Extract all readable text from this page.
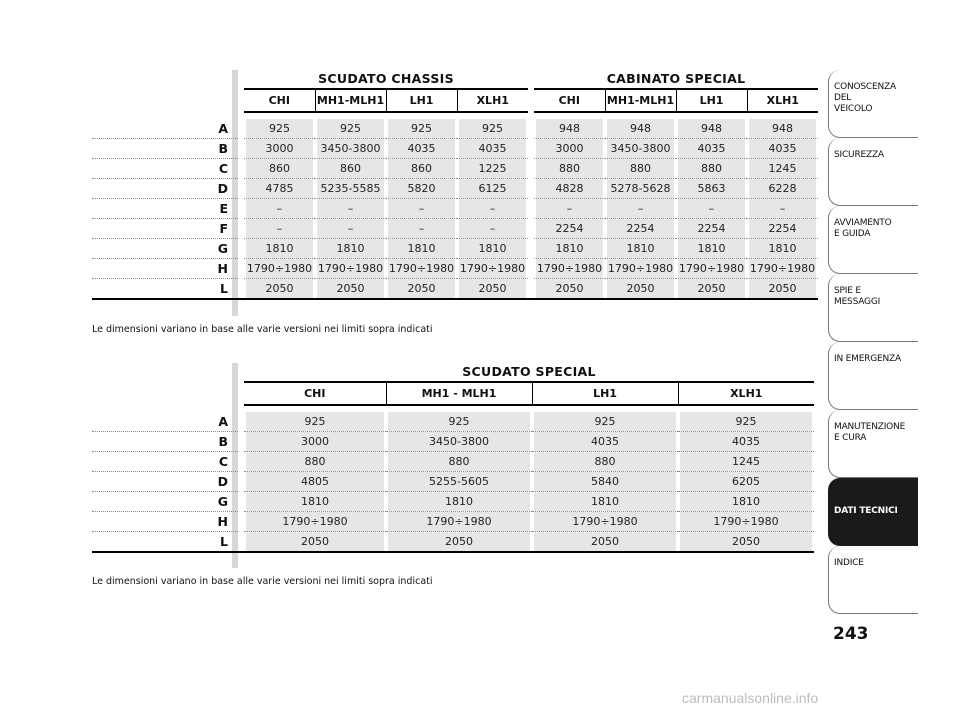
		SCUDATO CHASSIS					CABINATO SPECIAL			
		CHI	MH1-MLH1	LH1	XLH1		CHI	MH1-MLH1	LH1	XLH1
A		925	925	925	925		948	948	948	948

B		3000	3450-3800	4035	4035		3000	3450-3800	4035	4035

C		860	860	860	1225		880	880	880	1245

D		4785	5235-5585	5820	6125		4828	5278-5628	5863	6228

E		–	–	–	–		–	–	–	–

F		–	–	–	–		2254	2254	2254	2254

G		1810	1810	1810	1810		1810	1810	1810	1810

H		1790÷1980	1790÷1980	1790÷1980	1790÷1980		1790÷1980	1790÷1980	1790÷1980	1790÷1980

L		2050	2050	2050	2050		2050	2050	2050	2050
Le dimensioni variano in base alle varie versioni nei limiti sopra indicati
		SCUDATO SPECIAL			
		CHI	MH1 - MLH1	LH1	XLH1
A		925	925	925	925

B		3000	3450-3800	4035	4035

C		880	880	880	1245

D		4805	5255-5605	5840	6205

G		1810	1810	1810	1810

H		1790÷1980	1790÷1980	1790÷1980	1790÷1980

L		2050	2050	2050	2050
Le dimensioni variano in base alle varie versioni nei limiti sopra indicati
CONOSCENZA
DEL
VEICOLO
SICUREZZA
AVVIAMENTO
E GUIDA
SPIE E
MESSAGGI
IN EMERGENZA
MANUTENZIONE
E CURA
DATI TECNICI
INDICE
243
carmanualsonline.info
